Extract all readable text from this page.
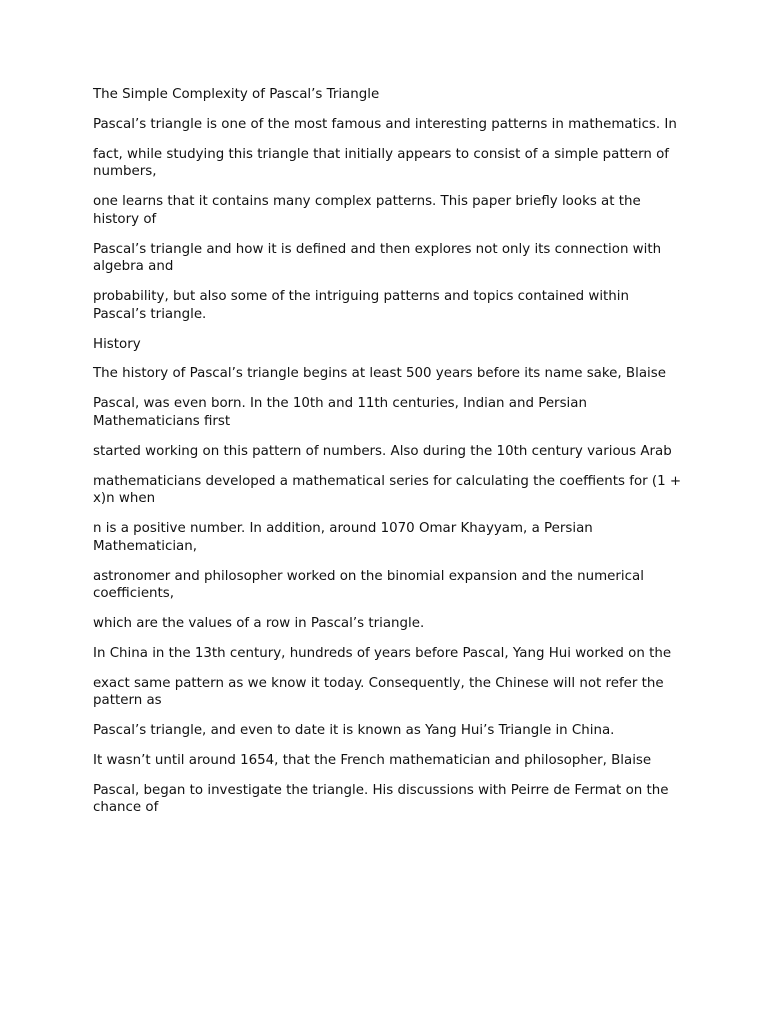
The Simple Complexity of Pascal’s Triangle

Pascal’s triangle is one of the most famous and interesting patterns in mathematics. In

fact, while studying this triangle that initially appears to consist of a simple pattern of numbers,

one learns that it contains many complex patterns. This paper briefly looks at the history of

Pascal’s triangle and how it is defined and then explores not only its connection with algebra and

probability, but also some of the intriguing patterns and topics contained within Pascal’s triangle.

History

The history of Pascal’s triangle begins at least 500 years before its name sake, Blaise

Pascal, was even born. In the 10th and 11th centuries, Indian and Persian Mathematicians first

started working on this pattern of numbers. Also during the 10th century various Arab

mathematicians developed a mathematical series for calculating the coeffients for (1 + x)n when

n is a positive number. In addition, around 1070 Omar Khayyam, a Persian Mathematician,

astronomer and philosopher worked on the binomial expansion and the numerical coefficients,

which are the values of a row in Pascal’s triangle.

In China in the 13th century, hundreds of years before Pascal, Yang Hui worked on the

exact same pattern as we know it today. Consequently, the Chinese will not refer the pattern as

Pascal’s triangle, and even to date it is known as Yang Hui’s Triangle in China.

It wasn’t until around 1654, that the French mathematician and philosopher, Blaise

Pascal, began to investigate the triangle. His discussions with Peirre de Fermat on the chance of
